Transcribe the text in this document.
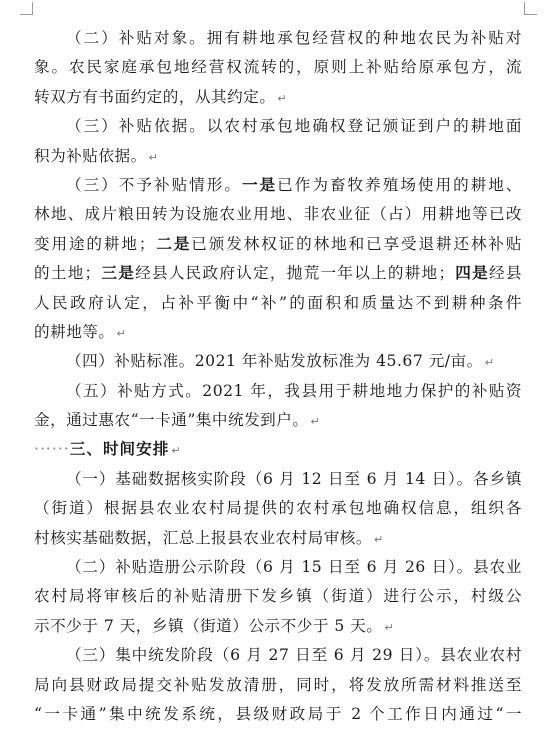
（二）补贴对象。拥有耕地承包经营权的种地农民为补贴对
象。农民家庭承包地经营权流转的，原则上补贴给原承包方，流
转双方有书面约定的，从其约定。 ↵
（三）补贴依据。以农村承包地确权登记颁证到户的耕地面
积为补贴依据。 ↵
（三）不予补贴情形。一是已作为畜牧养殖场使用的耕地、
林地、成片粮田转为设施农业用地、非农业征（占）用耕地等已改
变用途的耕地；二是已颁发林权证的林地和已享受退耕还林补贴
的土地；三是经县人民政府认定，抛荒一年以上的耕地；四是经县
人民政府认定，占补平衡中“补”的面积和质量达不到耕种条件
的耕地等。 ↵
（四）补贴标准。2021 年补贴发放标准为 45.67 元/亩。 ↵
（五）补贴方式。2021 年，我县用于耕地地力保护的补贴资
金，通过惠农“一卡通”集中统发到户。 ↵
······三、时间安排 ↵
（一）基础数据核实阶段（6 月 12 日至 6 月 14 日）。各乡镇
（街道）根据县农业农村局提供的农村承包地确权信息，组织各
村核实基础数据，汇总上报县农业农村局审核。 ↵
（二）补贴造册公示阶段（6 月 15 日至 6 月 26 日）。县农业
农村局将审核后的补贴清册下发乡镇（街道）进行公示，村级公
示不少于 7 天，乡镇（街道）公示不少于 5 天。 ↵
（三）集中统发阶段（6 月 27 日至 6 月 29 日）。县农业农村
局向县财政局提交补贴发放清册，同时，将发放所需材料推送至
“一卡通”集中统发系统，县级财政局于 2 个工作日内通过“一
